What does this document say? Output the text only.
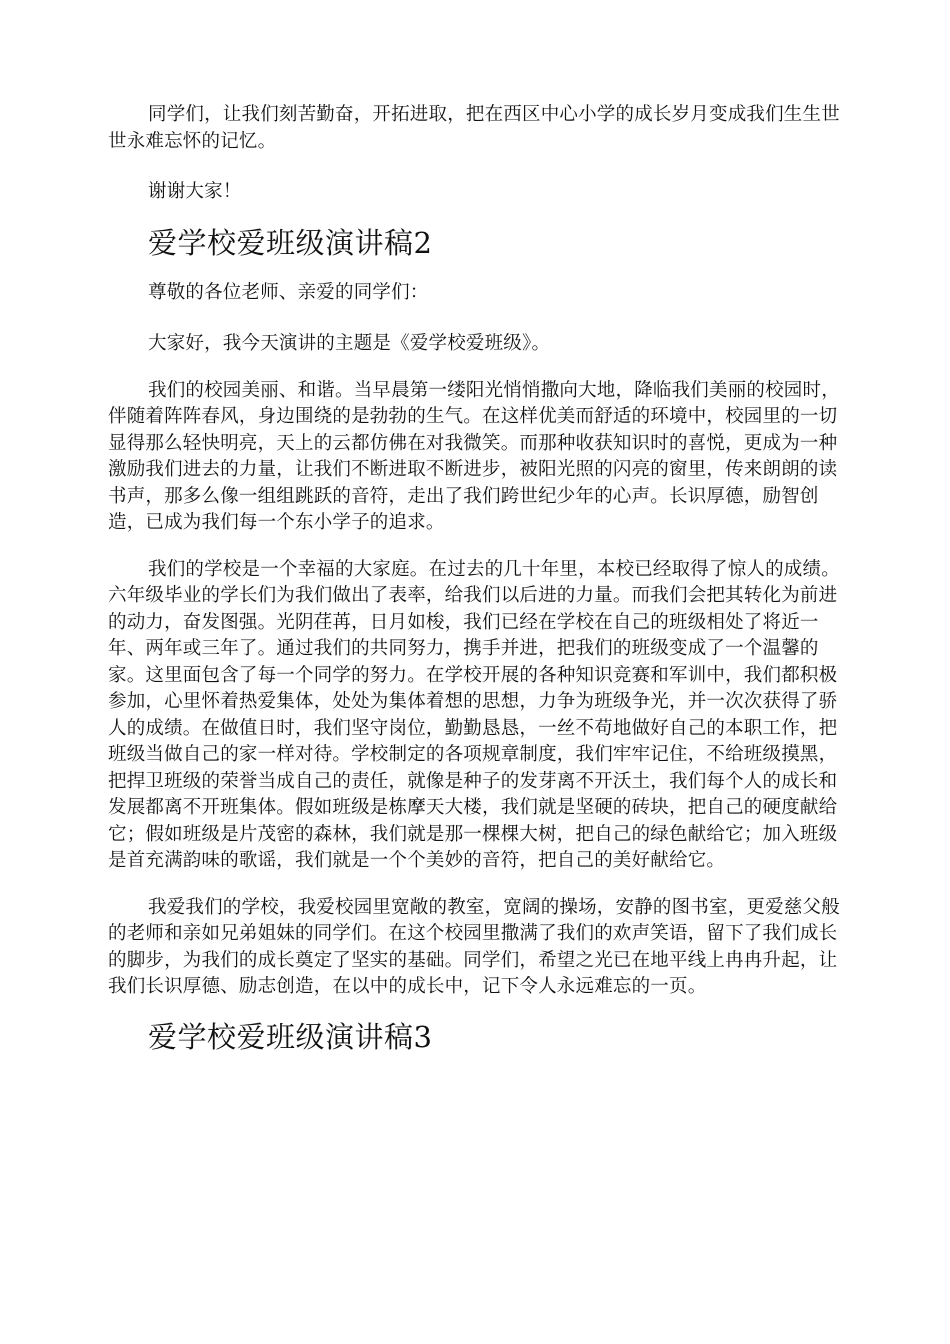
同学们，让我们刻苦勤奋，开拓进取，把在西区中心小学的成长岁月变成我们生生世世永难忘怀的记忆。

谢谢大家！

爱学校爱班级演讲稿2

尊敬的各位老师、亲爱的同学们：

大家好，我今天演讲的主题是《爱学校爱班级》。

我们的校园美丽、和谐。当早晨第一缕阳光悄悄撒向大地，降临我们美丽的校园时，伴随着阵阵春风，身边围绕的是勃勃的生气。在这样优美而舒适的环境中，校园里的一切显得那么轻快明亮，天上的云都仿佛在对我微笑。而那种收获知识时的喜悦，更成为一种激励我们进去的力量，让我们不断进取不断进步，被阳光照的闪亮的窗里，传来朗朗的读书声，那多么像一组组跳跃的音符，走出了我们跨世纪少年的心声。长识厚德，励智创造，已成为我们每一个东小学子的追求。

我们的学校是一个幸福的大家庭。在过去的几十年里，本校已经取得了惊人的成绩。六年级毕业的学长们为我们做出了表率，给我们以后进的力量。而我们会把其转化为前进的动力，奋发图强。光阴荏苒，日月如梭，我们已经在学校在自己的班级相处了将近一年、两年或三年了。通过我们的共同努力，携手并进，把我们的班级变成了一个温馨的家。这里面包含了每一个同学的努力。在学校开展的各种知识竞赛和军训中，我们都积极参加，心里怀着热爱集体，处处为集体着想的思想，力争为班级争光，并一次次获得了骄人的成绩。在做值日时，我们坚守岗位，勤勤恳恳，一丝不苟地做好自己的本职工作，把班级当做自己的家一样对待。学校制定的各项规章制度，我们牢牢记住，不给班级摸黑，把捍卫班级的荣誉当成自己的责任，就像是种子的发芽离不开沃土，我们每个人的成长和发展都离不开班集体。假如班级是栋摩天大楼，我们就是坚硬的砖块，把自己的硬度献给它；假如班级是片茂密的森林，我们就是那一棵棵大树，把自己的绿色献给它；加入班级是首充满韵味的歌谣，我们就是一个个美妙的音符，把自己的美好献给它。

我爱我们的学校，我爱校园里宽敞的教室，宽阔的操场，安静的图书室，更爱慈父般的老师和亲如兄弟姐妹的同学们。在这个校园里撒满了我们的欢声笑语，留下了我们成长的脚步，为我们的成长奠定了坚实的基础。同学们，希望之光已在地平线上冉冉升起，让我们长识厚德、励志创造，在以中的成长中，记下令人永远难忘的一页。

爱学校爱班级演讲稿3
